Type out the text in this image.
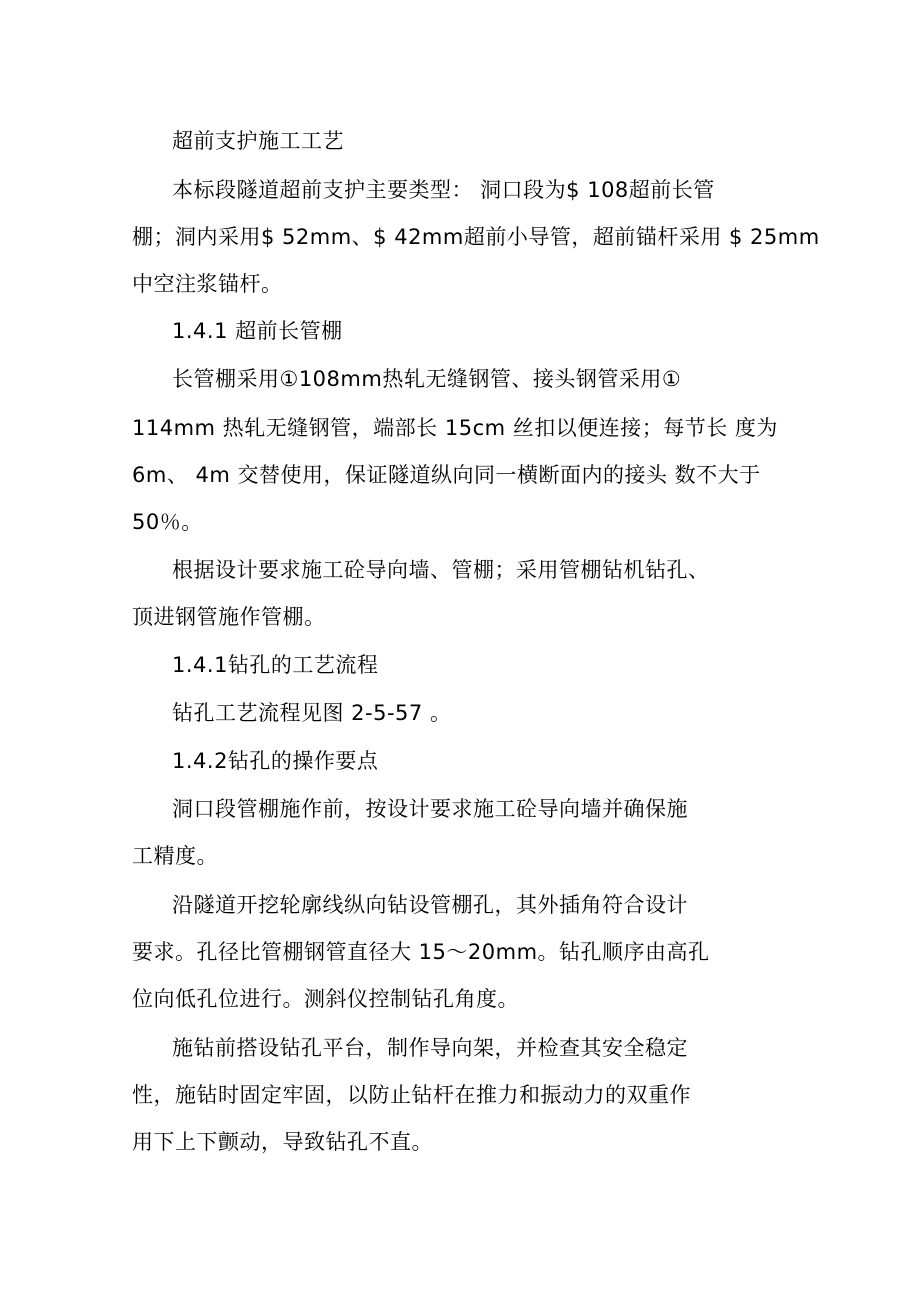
超前支护施工工艺
本标段隧道超前支护主要类型： 洞口段为$ 108超前长管
棚；洞内采用$ 52mm、$ 42mm超前小导管，超前锚杆采用 $ 25mm
中空注浆锚杆。
1.4.1 超前长管棚
长管棚采用①108mm热轧无缝钢管、接头钢管采用①
114mm 热轧无缝钢管，端部长 15cm 丝扣以便连接；每节长 度为
6m、 4m 交替使用，保证隧道纵向同一横断面内的接头 数不大于
50％。
根据设计要求施工砼导向墙、管棚；采用管棚钻机钻孔、
顶进钢管施作管棚。
1.4.1钻孔的工艺流程
钻孔工艺流程见图 2-5-57 。
1.4.2钻孔的操作要点
洞口段管棚施作前，按设计要求施工砼导向墙并确保施
工精度。
沿隧道开挖轮廓线纵向钻设管棚孔，其外插角符合设计
要求。孔径比管棚钢管直径大 15～20mm。钻孔顺序由高孔
位向低孔位进行。测斜仪控制钻孔角度。
施钻前搭设钻孔平台，制作导向架，并检查其安全稳定
性，施钻时固定牢固，以防止钻杆在推力和振动力的双重作
用下上下颤动，导致钻孔不直。
